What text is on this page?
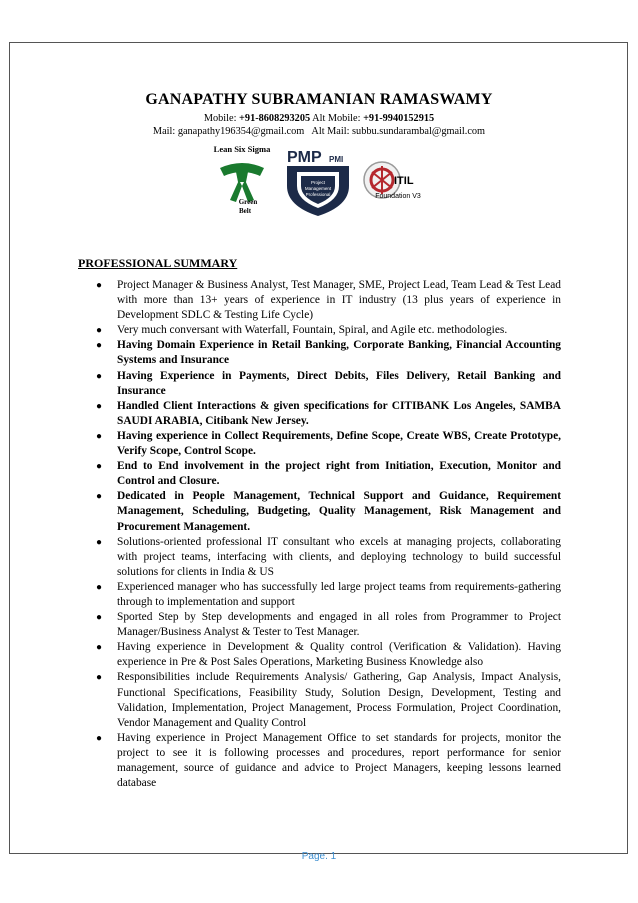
GANAPATHY SUBRAMANIAN RAMASWAMY
Mobile: +91-8608293205 Alt Mobile: +91-9940152915
Mail: ganapathy196354@gmail.com Alt Mail: subbu.sundarambal@gmail.com
Lean Six Sigma
Green
Belt
PMP PMI
Project
Management
Professional
ITIL
Foundation V3
PROFESSIONAL SUMMARY
● Project Manager & Business Analyst, Test Manager, SME, Project Lead, Team Lead & Test Lead with more than 13+ years of experience in IT industry (13 plus years of experience in Development SDLC & Testing Life Cycle)
● Very much conversant with Waterfall, Fountain, Spiral, and Agile etc. methodologies.
● Having Domain Experience in Retail Banking, Corporate Banking, Financial Accounting Systems and Insurance
● Having Experience in Payments, Direct Debits, Files Delivery, Retail Banking and Insurance
● Handled Client Interactions & given specifications for CITIBANK Los Angeles, SAMBA SAUDI ARABIA, Citibank New Jersey.
● Having experience in Collect Requirements, Define Scope, Create WBS, Create Prototype, Verify Scope, Control Scope.
● End to End involvement in the project right from Initiation, Execution, Monitor and Control and Closure.
● Dedicated in People Management, Technical Support and Guidance, Requirement Management, Scheduling, Budgeting, Quality Management, Risk Management and Procurement Management.
● Solutions-oriented professional IT consultant who excels at managing projects, collaborating with project teams, interfacing with clients, and deploying technology to build successful solutions for clients in India & US
● Experienced manager who has successfully led large project teams from requirements-gathering through to implementation and support
● Sported Step by Step developments and engaged in all roles from Programmer to Project Manager/Business Analyst & Tester to Test Manager.
● Having experience in Development & Quality control (Verification & Validation). Having experience in Pre & Post Sales Operations, Marketing Business Knowledge also
● Responsibilities include Requirements Analysis/ Gathering, Gap Analysis, Impact Analysis, Functional Specifications, Feasibility Study, Solution Design, Development, Testing and Validation, Implementation, Project Management, Process Formulation, Project Coordination, Vendor Management and Quality Control
● Having experience in Project Management Office to set standards for projects, monitor the project to see it is following processes and procedures, report performance for senior management, source of guidance and advice to Project Managers, keeping lessons learned database
Page. 1
